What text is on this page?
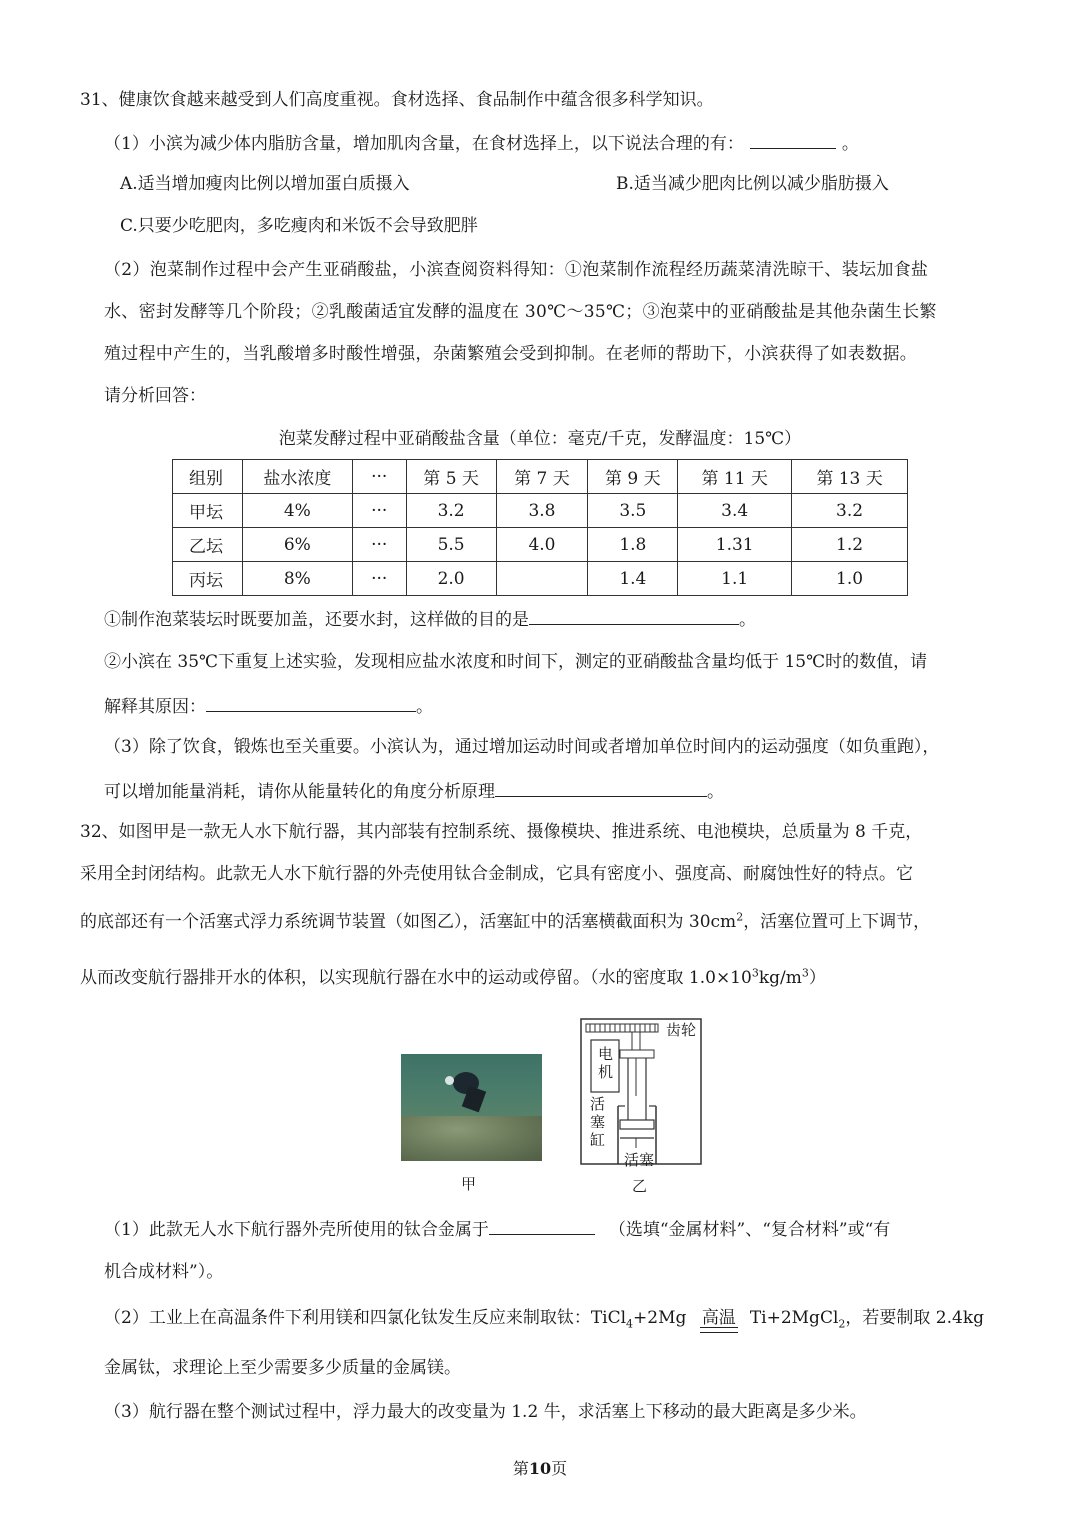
31、健康饮食越来越受到人们高度重视。食材选择、食品制作中蕴含很多科学知识。
（1）小滨为减少体内脂肪含量，增加肌肉含量，在食材选择上，以下说法合理的有：	。
A.适当增加瘦肉比例以增加蛋白质摄入	B.适当减少肥肉比例以减少脂肪摄入
C.只要少吃肥肉，多吃瘦肉和米饭不会导致肥胖
（2）泡菜制作过程中会产生亚硝酸盐，小滨查阅资料得知：①泡菜制作流程经历蔬菜清洗晾干、装坛加食盐
水、密封发酵等几个阶段；②乳酸菌适宜发酵的温度在 30℃～35℃；③泡菜中的亚硝酸盐是其他杂菌生长繁
殖过程中产生的，当乳酸增多时酸性增强，杂菌繁殖会受到抑制。在老师的帮助下，小滨获得了如表数据。
请分析回答：
泡菜发酵过程中亚硝酸盐含量（单位：毫克/千克，发酵温度：15℃）
组别	盐水浓度	···	第 5 天	第 7 天	第 9 天	第 11 天	第 13 天
甲坛	4%	···	3.2	3.8	3.5	3.4	3.2
乙坛	6%	···	5.5	4.0	1.8	1.31	1.2
丙坛	8%	···	2.0		1.4	1.1	1.0
①制作泡菜装坛时既要加盖，还要水封，这样做的目的是	。
②小滨在 35℃下重复上述实验，发现相应盐水浓度和时间下，测定的亚硝酸盐含量均低于 15℃时的数值，请
解释其原因：	。
（3）除了饮食，锻炼也至关重要。小滨认为，通过增加运动时间或者增加单位时间内的运动强度（如负重跑），
可以增加能量消耗，请你从能量转化的角度分析原理	。
32、如图甲是一款无人水下航行器，其内部装有控制系统、摄像模块、推进系统、电池模块，总质量为 8 千克，
采用全封闭结构。此款无人水下航行器的外壳使用钛合金制成，它具有密度小、强度高、耐腐蚀性好的特点。它
的底部还有一个活塞式浮力系统调节装置（如图乙），活塞缸中的活塞横截面积为 $30cm^2$，活塞位置可上下调节，
从而改变航行器排开水的体积，以实现航行器在水中的运动或停留。（水的密度取 $1.0\times 10^3kg/m^3$）
甲
齿轮
电
机
活
塞
缸
活塞
乙
（1）此款无人水下航行器外壳所使用的钛合金属于	（选填“金属材料”、“复合材料”或“有
机合成材料”）。
（2）工业上在高温条件下利用镁和四氯化钛发生反应来制取钛：TiCl$_4$+2Mg 高温 Ti+2MgCl$_2$，若要制取 2.4kg
金属钛，求理论上至少需要多少质量的金属镁。
（3）航行器在整个测试过程中，浮力最大的改变量为 1.2 牛，求活塞上下移动的最大距离是多少米。
第10页
